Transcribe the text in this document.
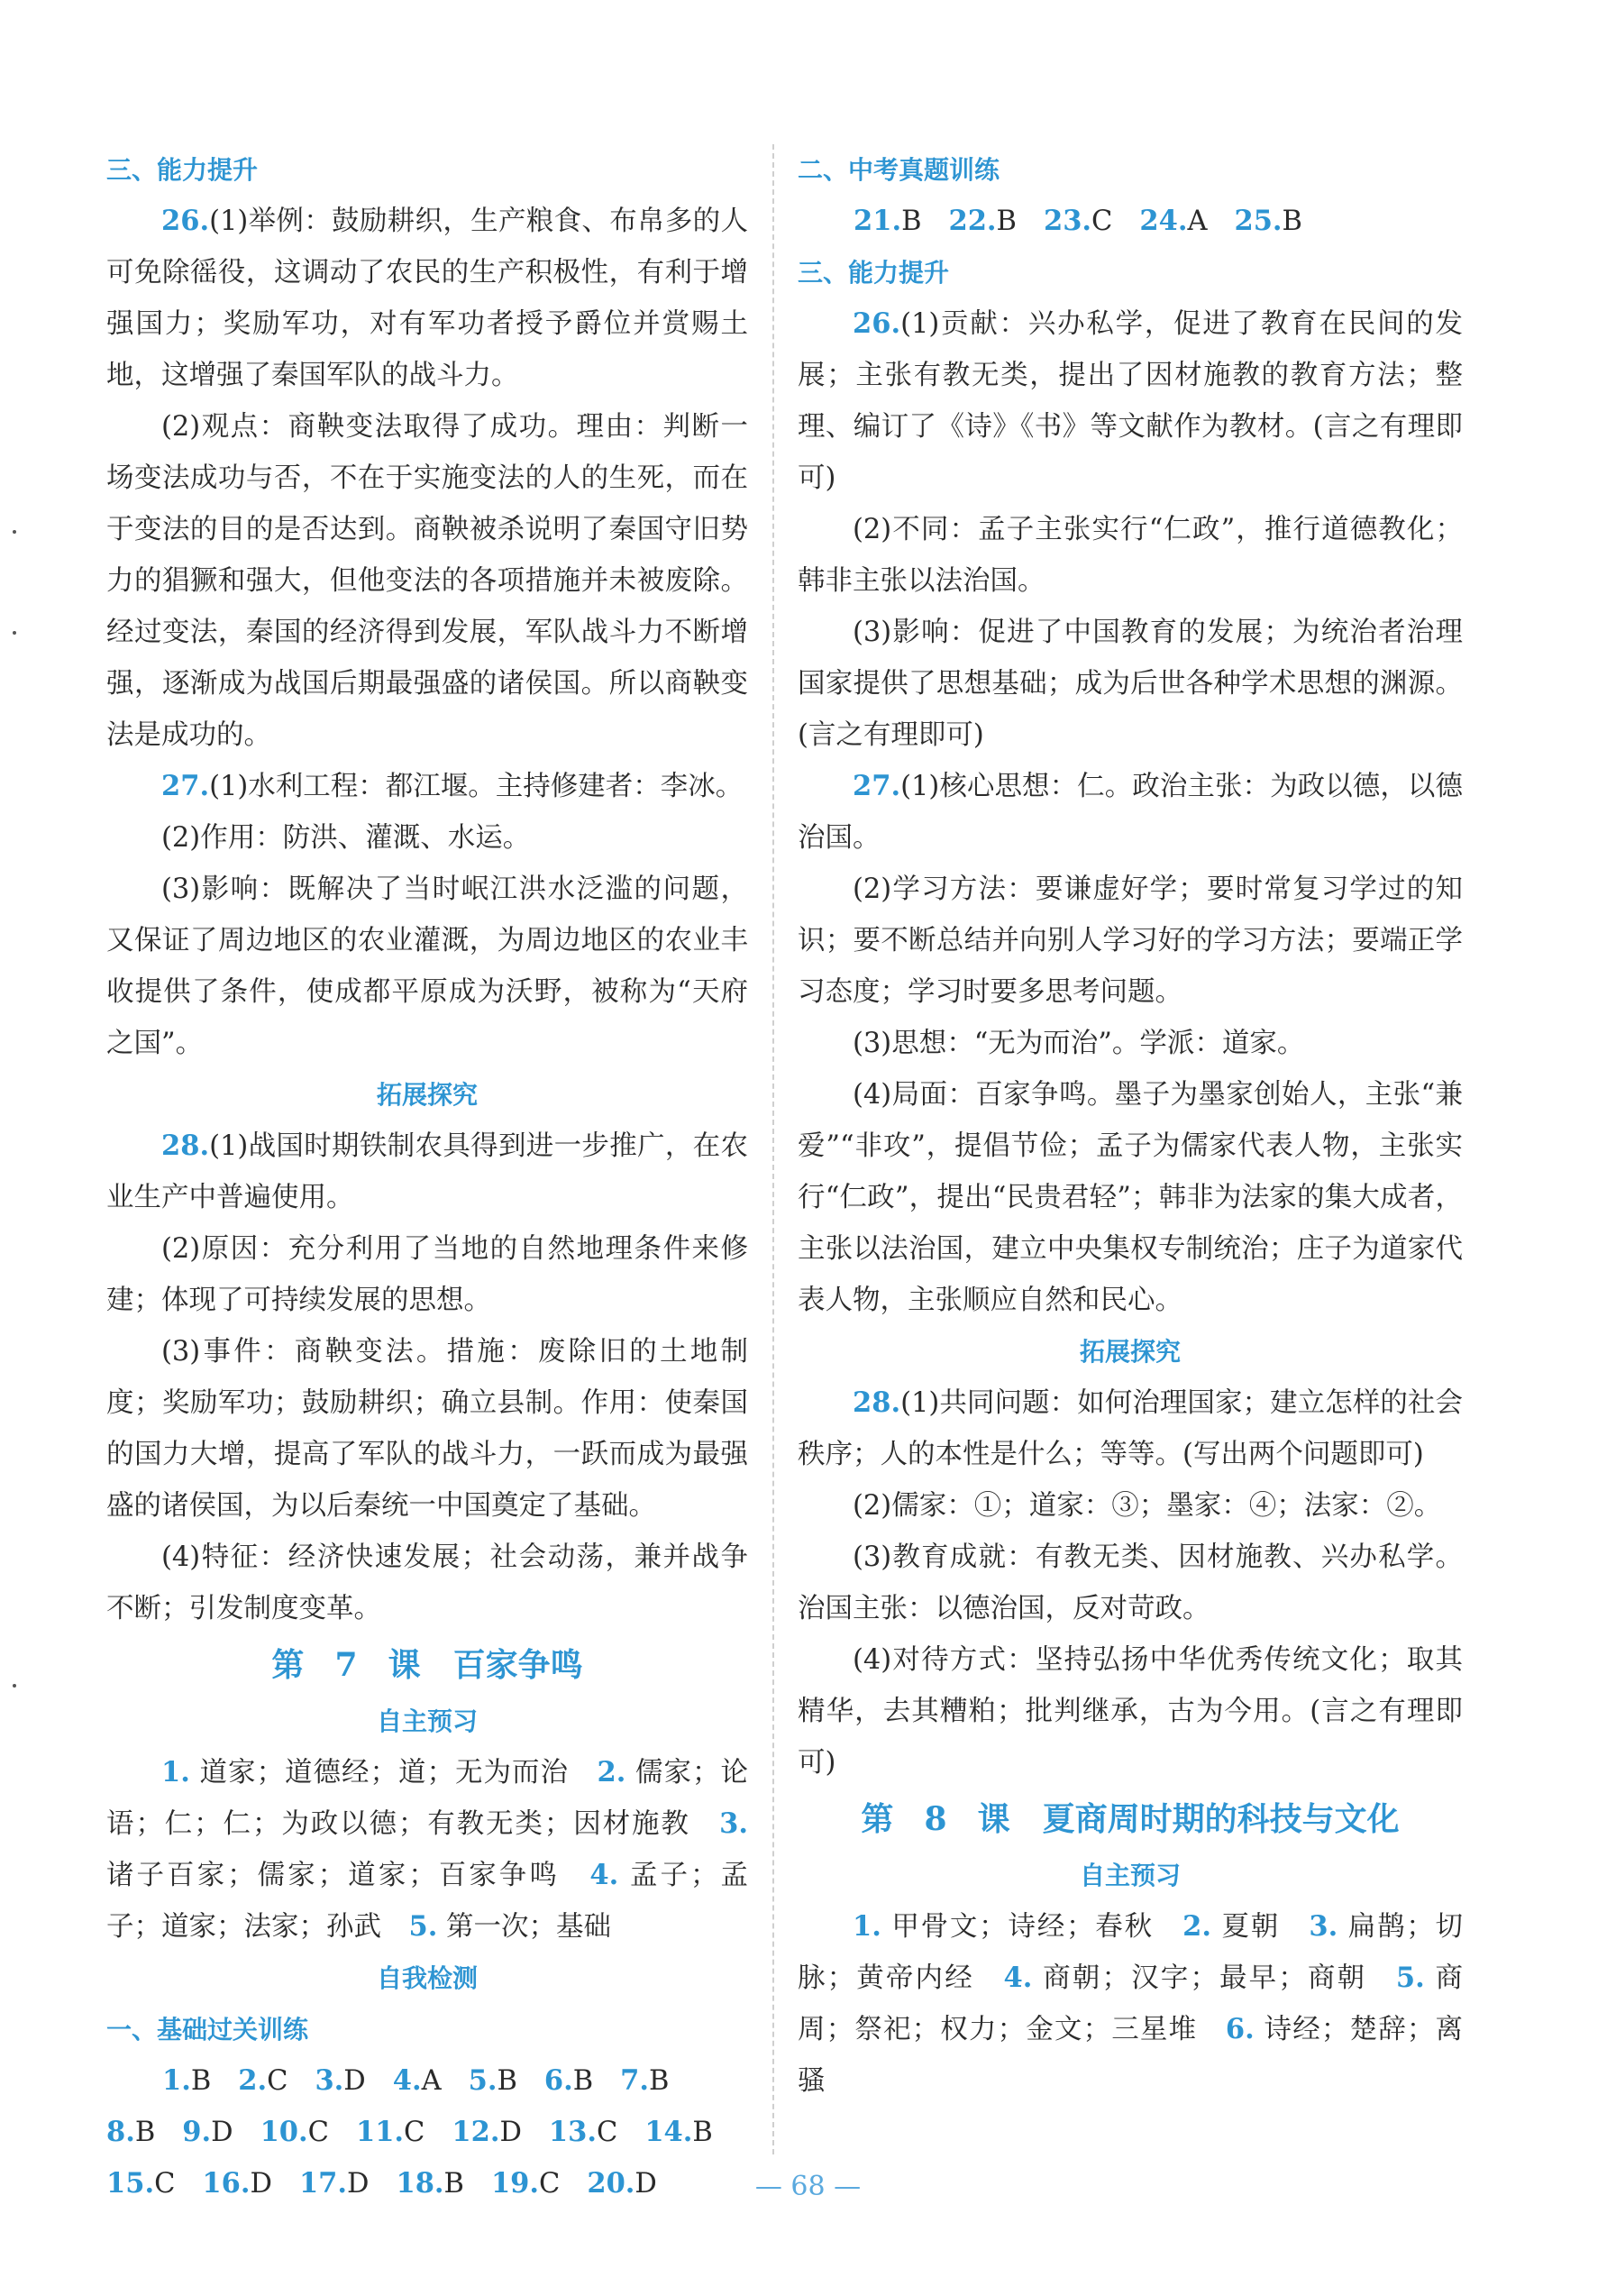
三、能力提升
26.(1)举例：鼓励耕织，生产粮食、布帛多的人可免除徭役，这调动了农民的生产积极性，有利于增强国力；奖励军功，对有军功者授予爵位并赏赐土地，这增强了秦国军队的战斗力。
(2)观点：商鞅变法取得了成功。理由：判断一场变法成功与否，不在于实施变法的人的生死，而在于变法的目的是否达到。商鞅被杀说明了秦国守旧势力的猖獗和强大，但他变法的各项措施并未被废除。经过变法，秦国的经济得到发展，军队战斗力不断增强，逐渐成为战国后期最强盛的诸侯国。所以商鞅变法是成功的。
27.(1)水利工程：都江堰。主持修建者：李冰。
(2)作用：防洪、灌溉、水运。
(3)影响：既解决了当时岷江洪水泛滥的问题，又保证了周边地区的农业灌溉，为周边地区的农业丰收提供了条件，使成都平原成为沃野，被称为“天府之国”。
拓展探究
28.(1)战国时期铁制农具得到进一步推广，在农业生产中普遍使用。
(2)原因：充分利用了当地的自然地理条件来修建；体现了可持续发展的思想。
(3)事件：商鞅变法。措施：废除旧的土地制度；奖励军功；鼓励耕织；确立县制。作用：使秦国的国力大增，提高了军队的战斗力，一跃而成为最强盛的诸侯国，为以后秦统一中国奠定了基础。
(4)特征：经济快速发展；社会动荡，兼并战争不断；引发制度变革。
第 7 课　百家争鸣
自主预习
1. 道家；道德经；道；无为而治　 2. 儒家；论语；仁；仁；为政以德；有教无类；因材施教　 3. 诸子百家；儒家；道家；百家争鸣　 4. 孟子；孟子；道家；法家；孙武　 5. 第一次；基础
自我检测
一、基础过关训练
1.B 2.C 3.D 4.A 5.B 6.B 7.B
8.B 9.D 10.C 11.C 12.D 13.C 14.B
15.C 16.D 17.D 18.B 19.C 20.D
二、中考真题训练
21.B 22.B 23.C 24.A 25.B
三、能力提升
26.(1)贡献：兴办私学，促进了教育在民间的发展；主张有教无类，提出了因材施教的教育方法；整理、编订了《诗》《书》等文献作为教材。(言之有理即可)
(2)不同：孟子主张实行“仁政”，推行道德教化；韩非主张以法治国。
(3)影响：促进了中国教育的发展；为统治者治理国家提供了思想基础；成为后世各种学术思想的渊源。(言之有理即可)
27.(1)核心思想：仁。政治主张：为政以德，以德治国。
(2)学习方法：要谦虚好学；要时常复习学过的知识；要不断总结并向别人学习好的学习方法；要端正学习态度；学习时要多思考问题。
(3)思想：“无为而治”。学派：道家。
(4)局面：百家争鸣。墨子为墨家创始人，主张“兼爱”“非攻”，提倡节俭；孟子为儒家代表人物，主张实行“仁政”，提出“民贵君轻”；韩非为法家的集大成者，主张以法治国，建立中央集权专制统治；庄子为道家代表人物，主张顺应自然和民心。
拓展探究
28.(1)共同问题：如何治理国家；建立怎样的社会秩序；人的本性是什么；等等。(写出两个问题即可)
(2)儒家：①；道家：③；墨家：④；法家：②。
(3)教育成就：有教无类、因材施教、兴办私学。治国主张：以德治国，反对苛政。
(4)对待方式：坚持弘扬中华优秀传统文化；取其精华，去其糟粕；批判继承，古为今用。(言之有理即可)
第 8 课　夏商周时期的科技与文化
自主预习
1. 甲骨文；诗经；春秋　 2. 夏朝　 3. 扁鹊；切脉；黄帝内经　 4. 商朝；汉字；最早；商朝　 5. 商周；祭祀；权力；金文；三星堆　 6. 诗经；楚辞；离骚
— 68 —
